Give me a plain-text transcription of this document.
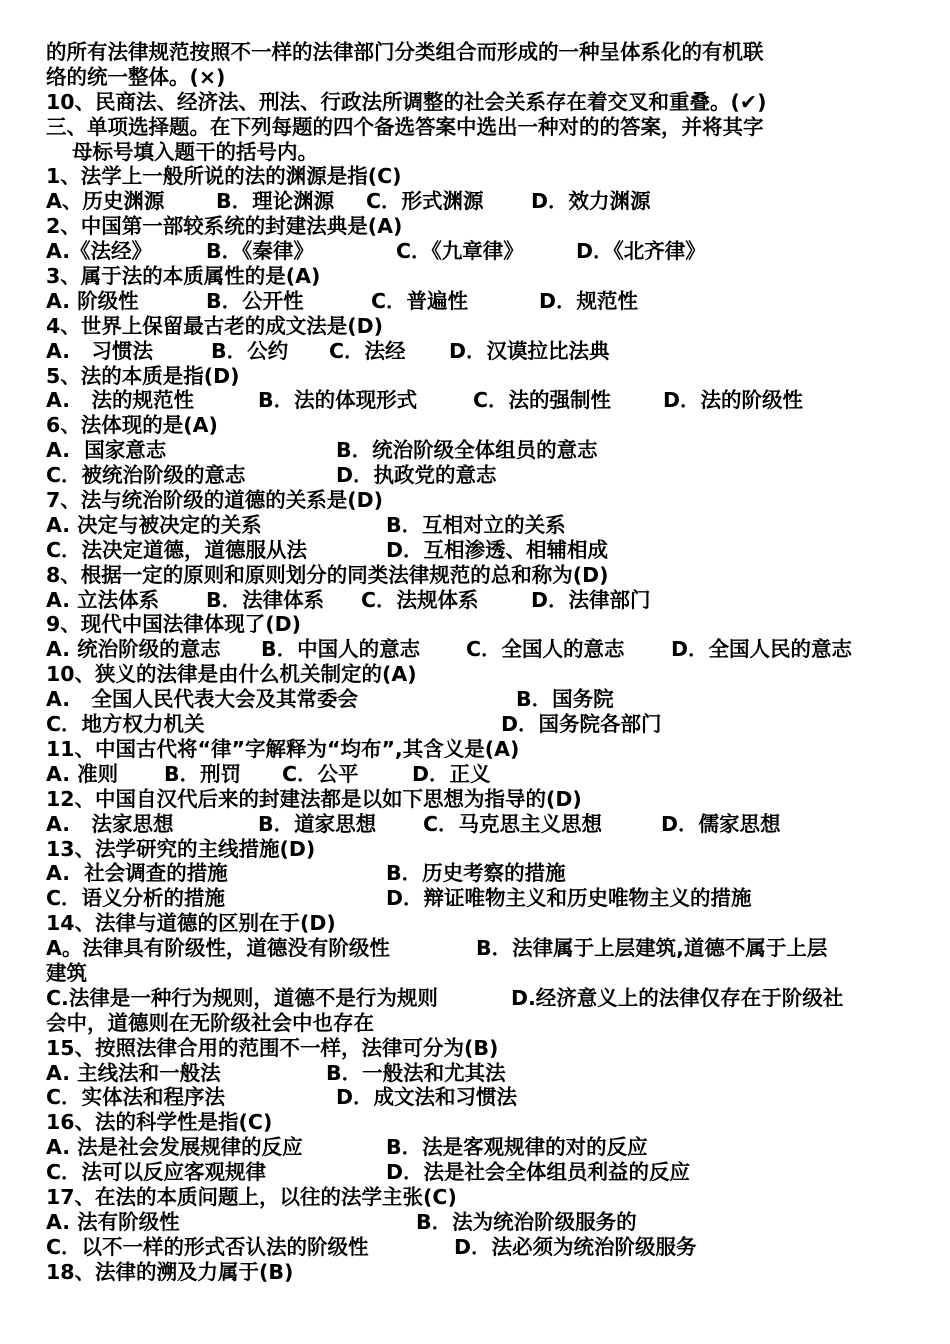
的所有法律规范按照不一样的法律部门分类组合而形成的一种呈体系化的有机联
络的统一整体。(×)
10、民商法、经济法、刑法、行政法所调整的社会关系存在着交叉和重叠。(✔)
三、单项选择题。在下列每题的四个备选答案中选出一种对的的答案，并将其字
母标号填入题干的括号内。
1、法学上一般所说的法的渊源是指(C)
A、历史渊源	B．理论渊源 C．形式渊源 D．效力渊源
2、中国第一部较系统的封建法典是(A)
A.《法经》	B．《秦律》	C．《九章律》	D．《北齐律》
3、属于法的本质属性的是(A)
A. 阶级性	B．公开性	C．普遍性	D．规范性
4、世界上保留最古老的成文法是(D)
A.   习惯法	B．公约 C．法经 D．汉谟拉比法典
5、法的本质是指(D)
A.   法的规范性	B．法的体现形式	C．法的强制性	D．法的阶级性
6、法体现的是(A)
A.  国家意志	B．统治阶级全体组员的意志
C．被统治阶级的意志	D．执政党的意志
7、法与统治阶级的道德的关系是(D)
A. 决定与被决定的关系	B．互相对立的关系
C．法决定道德，道德服从法	D．互相渗透、相辅相成
8、根据一定的原则和原则划分的同类法律规范的总和称为(D)
A. 立法体系 B．法律体系 C．法规体系	D．法律部门
9、现代中国法律体现了(D)
A. 统治阶级的意志 B．中国人的意志 C．全国人的意志 D．全国人民的意志
10、狭义的法律是由什么机关制定的(A)
A.   全国人民代表大会及其常委会	B．国务院
C．地方权力机关	D．国务院各部门
11、中国古代将“律”字解释为“均布”,其含义是(A)
A. 准则 B．刑罚 C．公平	D．正义
12、中国自汉代后来的封建法都是以如下思想为指导的(D)
A.   法家思想	B．道家思想 C．马克思主义思想	D．儒家思想
13、法学研究的主线措施(D)
A.  社会调查的措施	B．历史考察的措施
C．语义分析的措施	D．辩证唯物主义和历史唯物主义的措施
14、法律与道德的区别在于(D)
A。法律具有阶级性，道德没有阶级性	B．法律属于上层建筑,道德不属于上层
建筑
C.法律是一种行为规则，道德不是行为规则	D.经济意义上的法律仅存在于阶级社
会中，道德则在无阶级社会中也存在
15、按照法律合用的范围不一样，法律可分为(B)
A. 主线法和一般法	B．一般法和尤其法
C．实体法和程序法	D．成文法和习惯法
16、法的科学性是指(C)
A. 法是社会发展规律的反应	B．法是客观规律的对的反应
C．法可以反应客观规律	D．法是社会全体组员利益的反应
17、在法的本质问题上，以往的法学主张(C)
A. 法有阶级性	B．法为统治阶级服务的
C．以不一样的形式否认法的阶级性	D．法必须为统治阶级服务
18、法律的溯及力属于(B)
